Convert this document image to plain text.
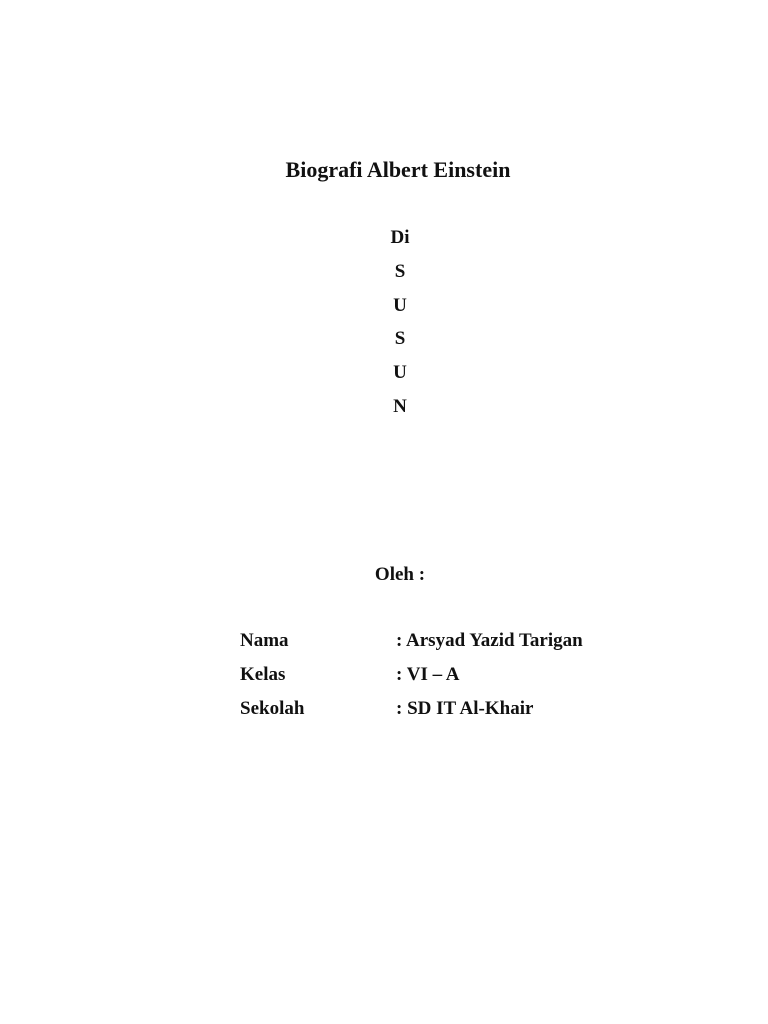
Biografi Albert Einstein
Di
S
U
S
U
N
Oleh :
Nama	: Arsyad Yazid Tarigan
Kelas	: VI – A
Sekolah	: SD IT Al-Khair
